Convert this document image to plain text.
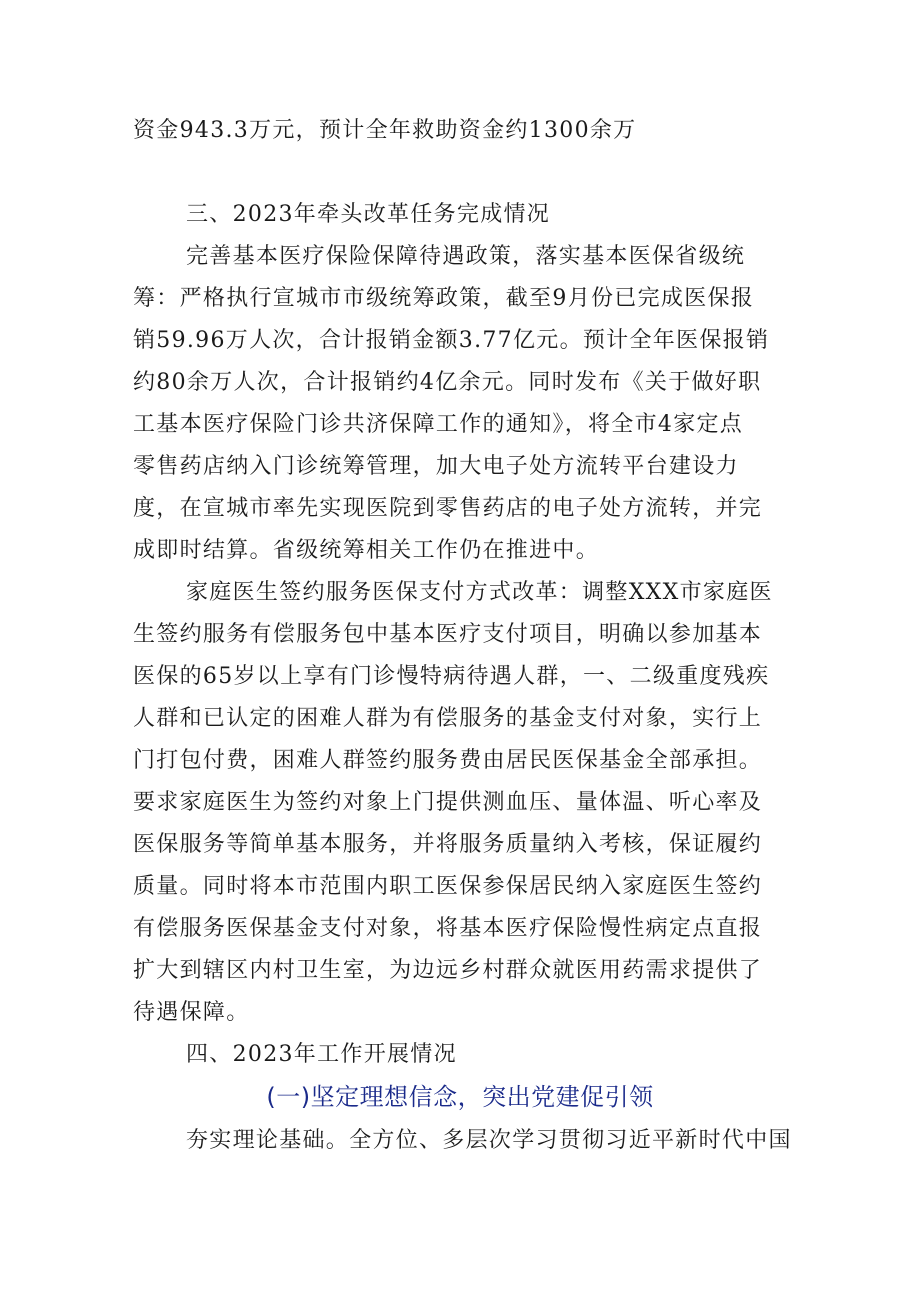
资金943.3万元，预计全年救助资金约1300余万
三、2023年牵头改革任务完成情况
完善基本医疗保险保障待遇政策，落实基本医保省级统
筹：严格执行宣城市市级统筹政策，截至9月份已完成医保报
销59.96万人次，合计报销金额3.77亿元。预计全年医保报销
约80余万人次，合计报销约4亿余元。同时发布《关于做好职
工基本医疗保险门诊共济保障工作的通知》，将全市4家定点
零售药店纳入门诊统筹管理，加大电子处方流转平台建设力
度，在宣城市率先实现医院到零售药店的电子处方流转，并完
成即时结算。省级统筹相关工作仍在推进中。
家庭医生签约服务医保支付方式改革：调整XXX市家庭医
生签约服务有偿服务包中基本医疗支付项目，明确以参加基本
医保的65岁以上享有门诊慢特病待遇人群，一、二级重度残疾
人群和已认定的困难人群为有偿服务的基金支付对象，实行上
门打包付费，困难人群签约服务费由居民医保基金全部承担。
要求家庭医生为签约对象上门提供测血压、量体温、听心率及
医保服务等简单基本服务，并将服务质量纳入考核，保证履约
质量。同时将本市范围内职工医保参保居民纳入家庭医生签约
有偿服务医保基金支付对象，将基本医疗保险慢性病定点直报
扩大到辖区内村卫生室，为边远乡村群众就医用药需求提供了
待遇保障。
四、2023年工作开展情况
(一)坚定理想信念，突出党建促引领
夯实理论基础。全方位、多层次学习贯彻习近平新时代中国
